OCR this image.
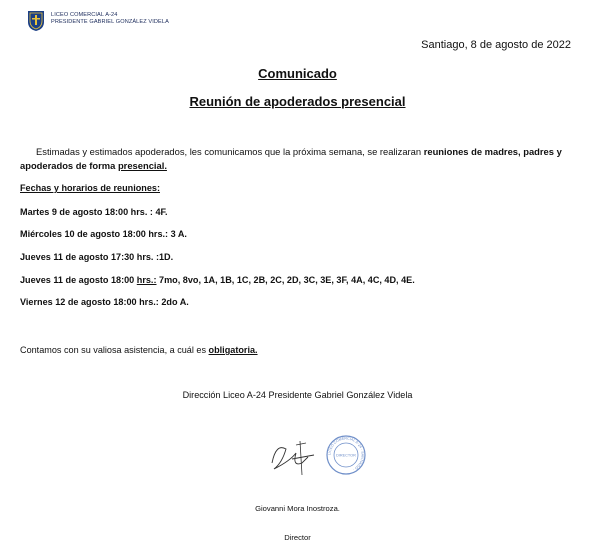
LICEO COMERCIAL A-24
PRESIDENTE GABRIEL GONZÁLEZ VIDELA
Santiago, 8 de agosto de 2022
Comunicado
Reunión de apoderados presencial
Estimadas y estimados apoderados, les comunicamos que la próxima semana, se realizaran reuniones de madres, padres y apoderados de forma presencial.
Fechas y horarios de reuniones:
Martes 9 de agosto 18:00 hrs. : 4F.
Miércoles 10 de agosto 18:00 hrs.: 3 A.
Jueves 11 de agosto 17:30 hrs. :1D.
Jueves 11 de agosto 18:00 hrs.: 7mo, 8vo, 1A, 1B, 1C, 2B, 2C, 2D, 3C, 3E, 3F, 4A, 4C, 4D, 4E.
Viernes 12 de agosto 18:00 hrs.: 2do A.
Contamos con su valiosa asistencia, a cuál es obligatoria.
Dirección Liceo A-24 Presidente Gabriel González Videla
LICEO COMERCIAL A-24 · SANTIAGO ·
DIRECTOR
Giovanni Mora Inostroza.
Director
